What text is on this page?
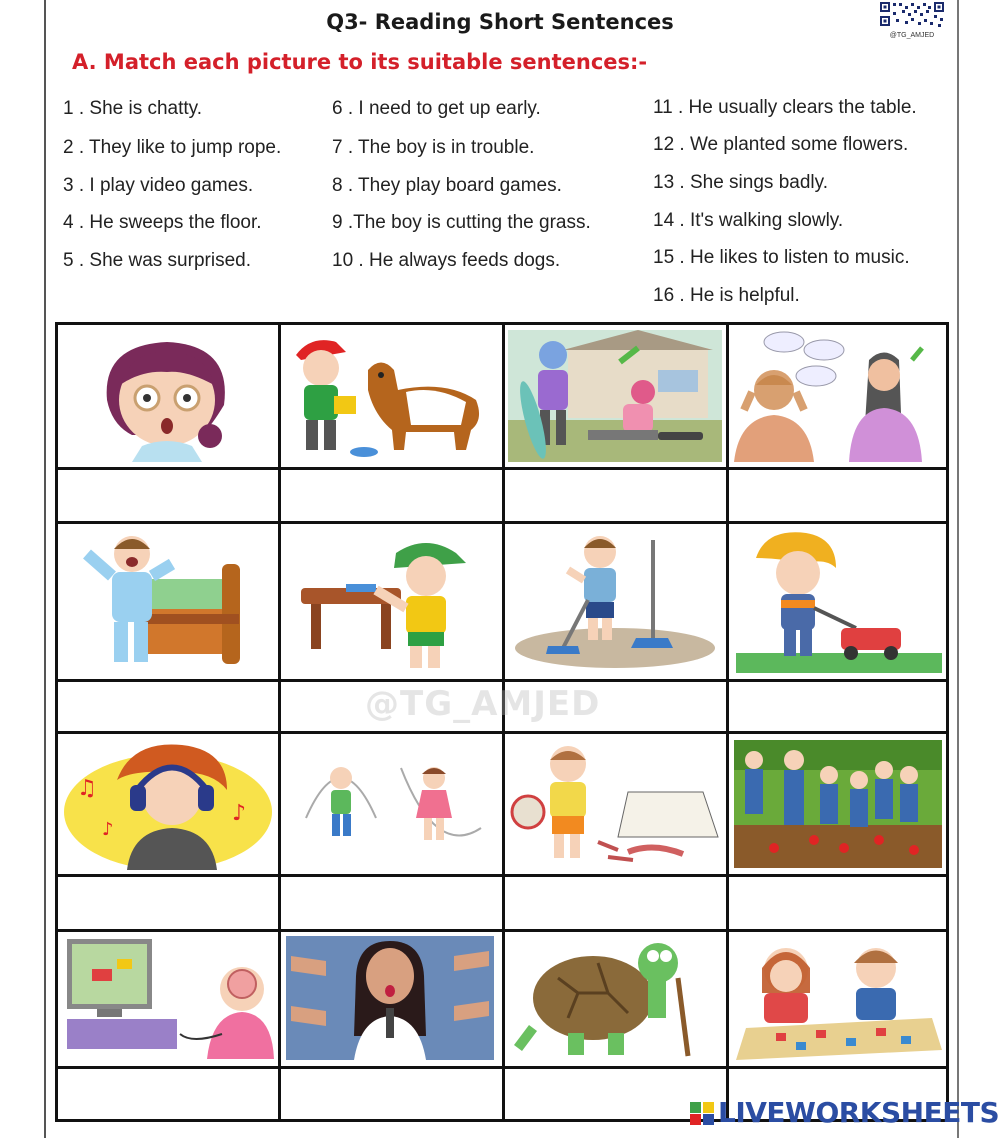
Q3- Reading Short Sentences
@TG_AMJED
A. Match each picture to its suitable sentences:-
1 . She is chatty.
2 . They like to jump rope.
3 . I play video games.
4 . He sweeps the floor.
5 . She was surprised.
6 . I need to get up early.
7 . The boy is in trouble.
8 . They play board games.
9 .The boy is cutting the grass.
10 . He always feeds dogs.
11 . He usually clears the table.
12 . We planted some flowers.
13 . She sings badly.
14 . It's walking slowly.
15 . He likes to listen to music.
16 . He is helpful.
♫
♪
♪
@TG_AMJED
LIVEWORKSHEETS
